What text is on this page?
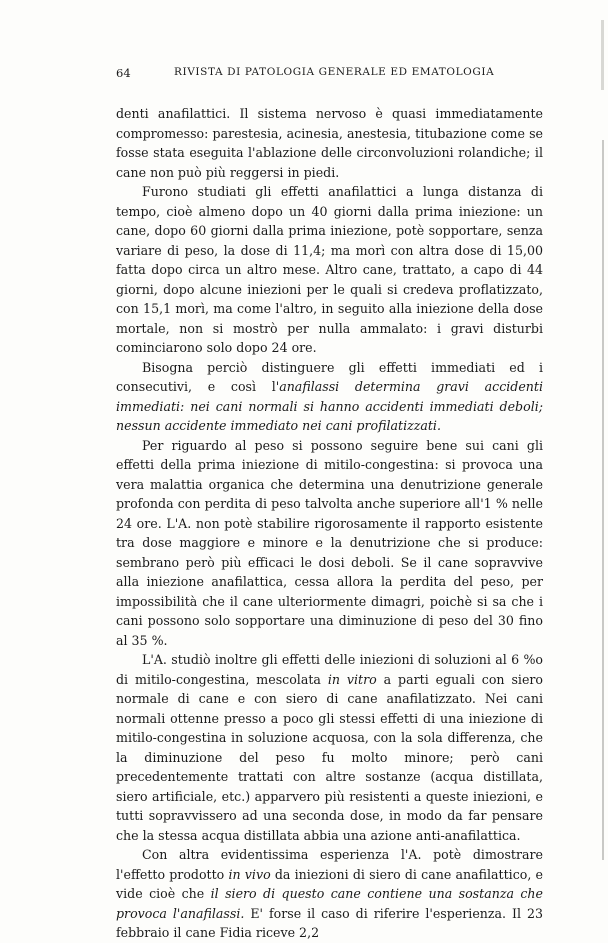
64	RIVISTA DI PATOLOGIA GENERALE ED EMATOLOGIA

denti anafilattici. Il sistema nervoso è quasi immediatamente compromesso: parestesia, acinesia, anestesia, titubazione come se fosse stata eseguita l'ablazione delle circonvoluzioni rolandiche; il cane non può più reggersi in piedi.

Furono studiati gli effetti anafilattici a lunga distanza di tempo, cioè almeno dopo un 40 giorni dalla prima iniezione: un cane, dopo 60 giorni dalla prima iniezione, potè sopportare, senza variare di peso, la dose di 11,4; ma morì con altra dose di 15,00 fatta dopo circa un altro mese. Altro cane, trattato, a capo di 44 giorni, dopo alcune iniezioni per le quali si credeva proflatizzato, con 15,1 morì, ma come l'altro, in seguito alla iniezione della dose mortale, non si mostrò per nulla ammalato: i gravi disturbi cominciarono solo dopo 24 ore.

Bisogna perciò distinguere gli effetti immediati ed i consecutivi, e così l'anafilassi determina gravi accidenti immediati: nei cani normali si hanno accidenti immediati deboli; nessun accidente immediato nei cani profilatizzati.

Per riguardo al peso si possono seguire bene sui cani gli effetti della prima iniezione di mitilo-congestina: si provoca una vera malattia organica che determina una denutrizione generale profonda con perdita di peso talvolta anche superiore all'1 % nelle 24 ore. L'A. non potè stabilire rigorosamente il rapporto esistente tra dose maggiore e minore e la denutrizione che si produce: sembrano però più efficaci le dosi deboli. Se il cane sopravvive alla iniezione anafilattica, cessa allora la perdita del peso, per impossibilità che il cane ulteriormente dimagri, poichè si sa che i cani possono solo sopportare una diminuzione di peso del 30 fino al 35 %.

L'A. studiò inoltre gli effetti delle iniezioni di soluzioni al 6 %o di mitilo-congestina, mescolata in vitro a parti eguali con siero normale di cane e con siero di cane anafilatizzato. Nei cani normali ottenne presso a poco gli stessi effetti di una iniezione di mitilo-congestina in soluzione acquosa, con la sola differenza, che la diminuzione del peso fu molto minore; però cani precedentemente trattati con altre sostanze (acqua distillata, siero artificiale, etc.) apparvero più resistenti a queste iniezioni, e tutti sopravvissero ad una seconda dose, in modo da far pensare che la stessa acqua distillata abbia una azione anti-anafilattica.

Con altra evidentissima esperienza l'A. potè dimostrare l'effetto prodotto in vivo da iniezioni di siero di cane anafilattico, e vide cioè che il siero di questo cane contiene una sostanza che provoca l'anafilassi. E' forse il caso di riferire l'esperienza. Il 23 febbraio il cane Fidia riceve 2,2
